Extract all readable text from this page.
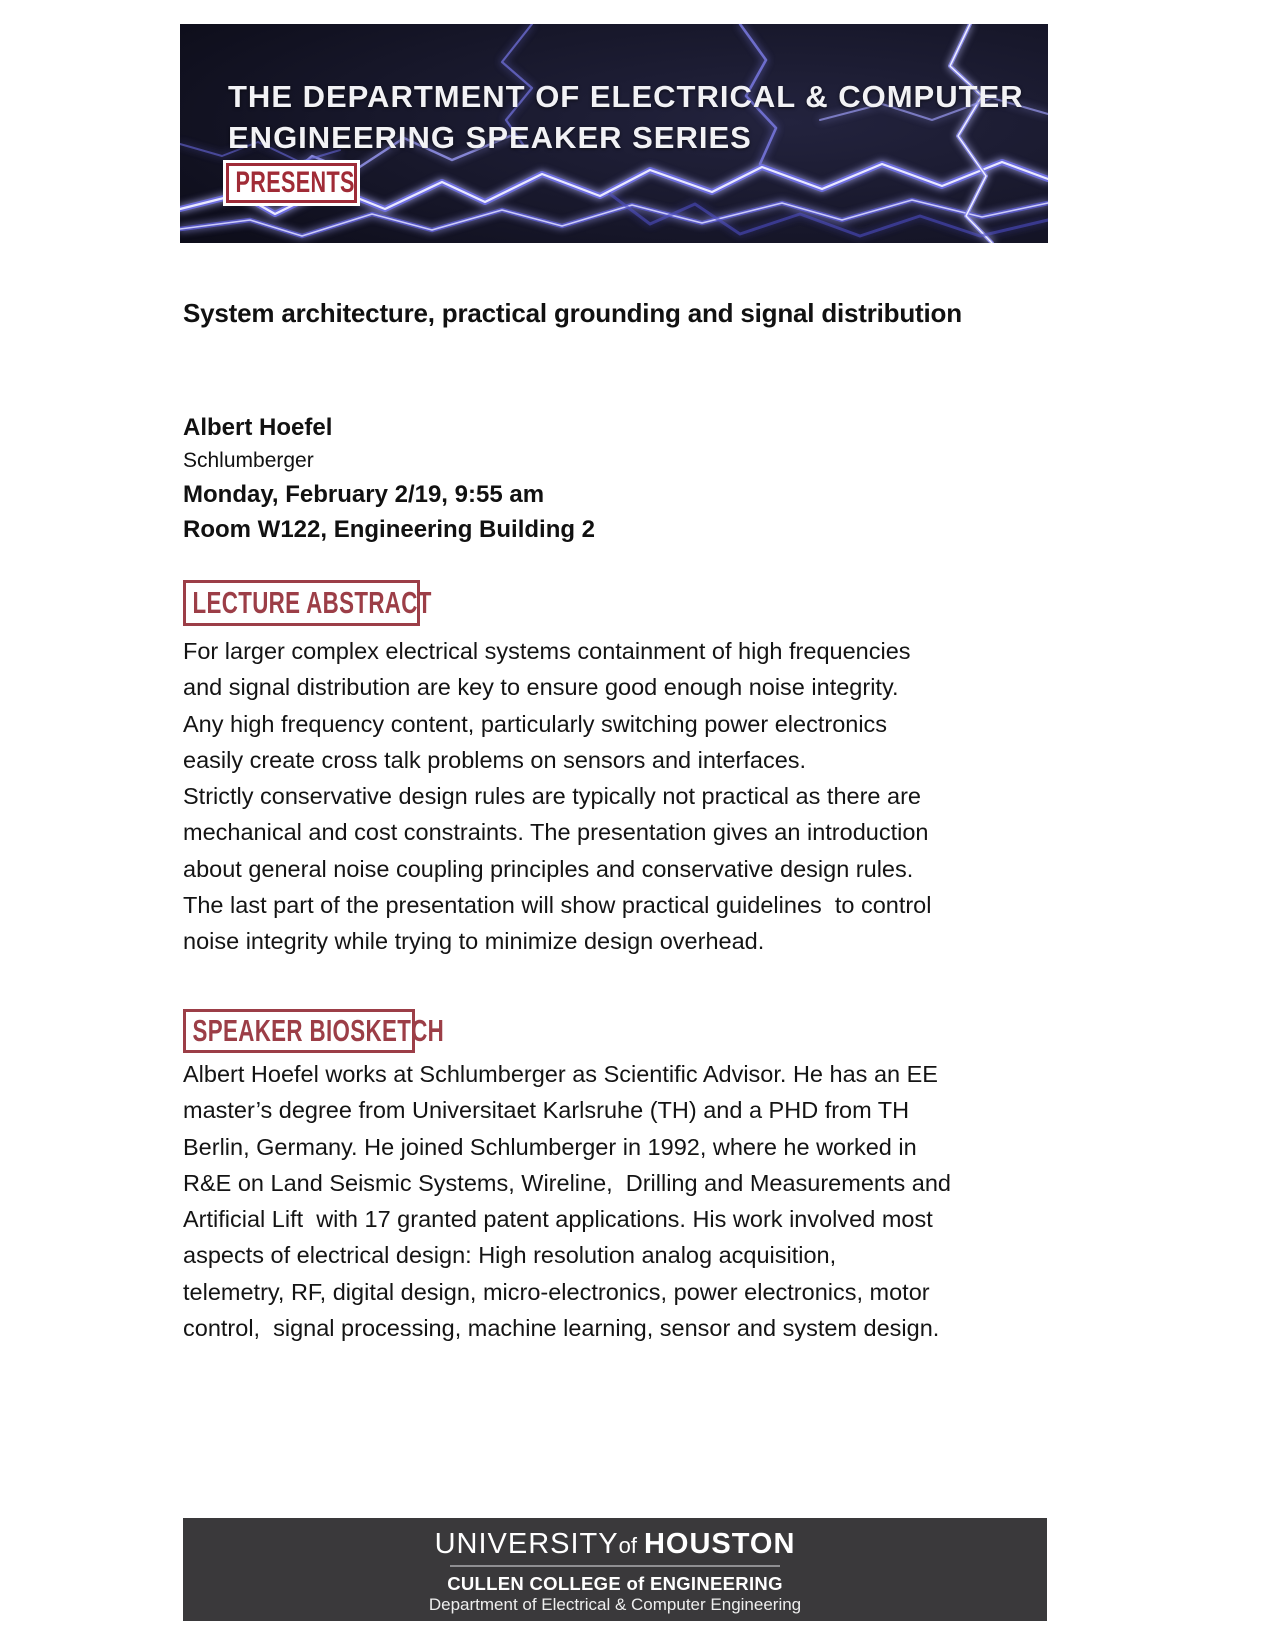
THE DEPARTMENT OF ELECTRICAL & COMPUTER
ENGINEERING SPEAKER SERIES
PRESENTS
System architecture, practical grounding and signal distribution
Albert Hoefel
Schlumberger
Monday, February 2/19, 9:55 am
Room W122, Engineering Building 2
LECTURE ABSTRACT
For larger complex electrical systems containment of high frequencies
and signal distribution are key to ensure good enough noise integrity.
Any high frequency content, particularly switching power electronics
easily create cross talk problems on sensors and interfaces.
Strictly conservative design rules are typically not practical as there are
mechanical and cost constraints. The presentation gives an introduction
about general noise coupling principles and conservative design rules.
The last part of the presentation will show practical guidelines  to control
noise integrity while trying to minimize design overhead.
SPEAKER BIOSKETCH
Albert Hoefel works at Schlumberger as Scientific Advisor. He has an EE
master’s degree from Universitaet Karlsruhe (TH) and a PHD from TH
Berlin, Germany. He joined Schlumberger in 1992, where he worked in
R&E on Land Seismic Systems, Wireline,  Drilling and Measurements and
Artificial Lift  with 17 granted patent applications. His work involved most
aspects of electrical design: High resolution analog acquisition,
telemetry, RF, digital design, micro-electronics, power electronics, motor
control,  signal processing, machine learning, sensor and system design.
UNIVERSITYof HOUSTON
CULLEN COLLEGE of ENGINEERING
Department of Electrical & Computer Engineering
